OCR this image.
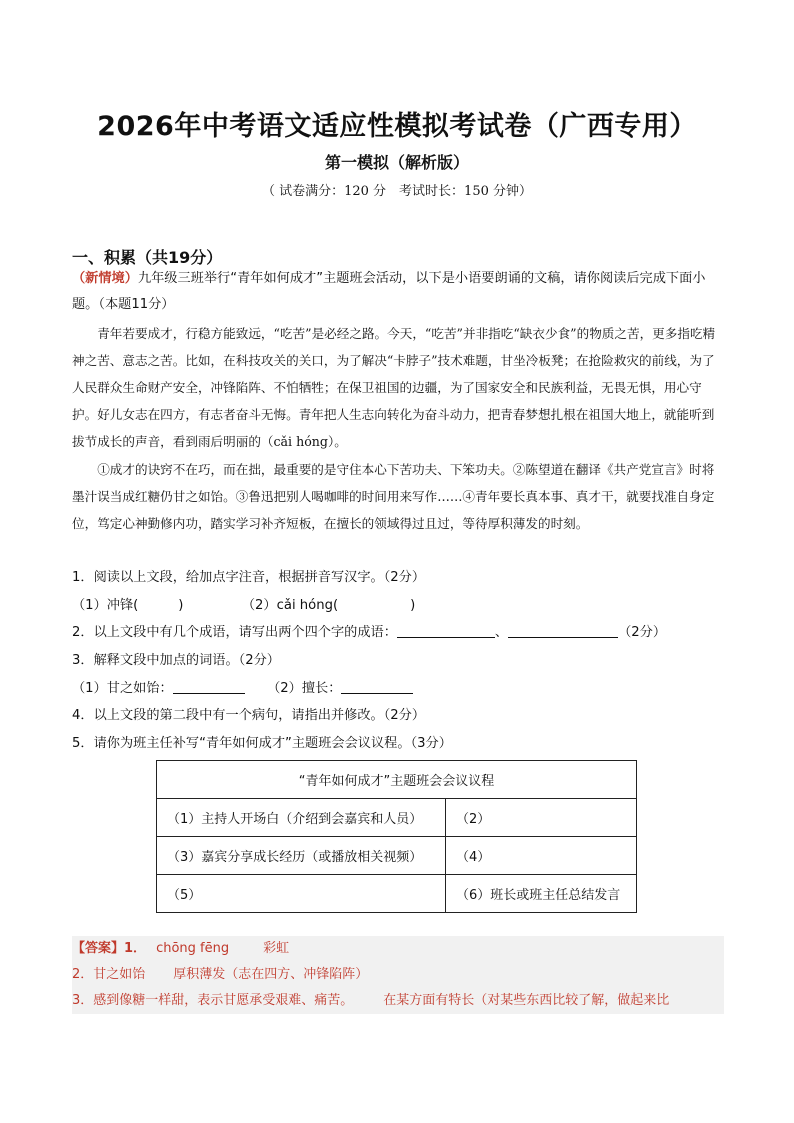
2026年中考语文适应性模拟考试卷（广西专用）
第一模拟（解析版）
（ 试卷满分：120 分　考试时长：150 分钟）
一、积累（共19分）
（新情境）九年级三班举行“青年如何成才”主题班会活动，以下是小语要朗诵的文稿，请你阅读后完成下面小题。（本题11分）
青年若要成才，行稳方能致远，“吃苦”是必经之路。今天，“吃苦”并非指吃“缺衣少食”的物质之苦，更多指吃精神之苦、意志之苦。比如，在科技攻关的关口，为了解决“卡脖子”技术难题，甘坐冷板凳；在抢险救灾的前线，为了人民群众生命财产安全，冲锋陷阵、不怕牺牲；在保卫祖国的边疆，为了国家安全和民族利益，无畏无惧，用心守护。好儿女志在四方，有志者奋斗无悔。青年把人生志向转化为奋斗动力，把青春梦想扎根在祖国大地上，就能听到拔节成长的声音，看到雨后明丽的（cǎi hóng）。
①成才的诀窍不在巧，而在拙，最重要的是守住本心下苦功夫、下笨功夫。②陈望道在翻译《共产党宣言》时将墨汁误当成红糖仍甘之如饴。③鲁迅把别人喝咖啡的时间用来写作……④青年要长真本事、真才干，就要找准自身定位，笃定心神勤修内功，踏实学习补齐短板，在擅长的领域得过且过，等待厚积薄发的时刻。
1．阅读以上文段，给加点字注音，根据拼音写汉字。（2分）
（1）冲锋(	)	（2）cǎi hóng(	)
2．以上文段中有几个成语，请写出两个四个字的成语：	、	（2分）
3．解释文段中加点的词语。（2分）
（1）甘之如饴：	（2）擅长：
4．以上文段的第二段中有一个病句，请指出并修改。（2分）
5．请你为班主任补写“青年如何成才”主题班会会议议程。（3分）
“青年如何成才”主题班会会议议程	
（1）主持人开场白（介绍到会嘉宾和人员）	（2）
（3）嘉宾分享成长经历（或播放相关视频）	（4）
（5）	（6）班长或班主任总结发言
【答案】1． chōng fēng	彩虹
2．甘之如饴 厚积薄发（志在四方、冲锋陷阵）
3．感到像糖一样甜，表示甘愿承受艰难、痛苦。 在某方面有特长（对某些东西比较了解，做起来比
